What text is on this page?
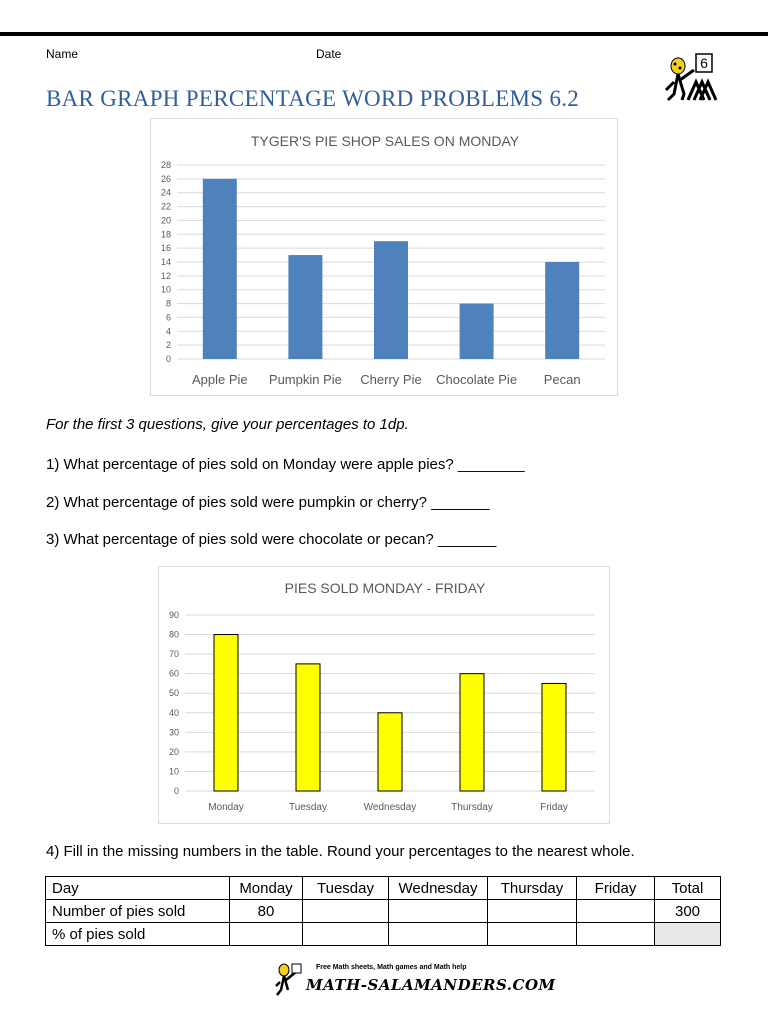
Name	Date
6
BAR GRAPH PERCENTAGE WORD PROBLEMS 6.2
TYGER'S PIE SHOP SALES ON MONDAY
0
2
4
6
8
10
12
14
16
18
20
22
24
26
28
Apple Pie Pumpkin Pie Cherry Pie Chocolate Pie Pecan
For the first 3 questions, give your percentages to 1dp.
1) What percentage of pies sold on Monday were apple pies? ________
2) What percentage of pies sold were pumpkin or cherry? _______
3) What percentage of pies sold were chocolate or pecan? _______
PIES SOLD MONDAY - FRIDAY
0
10
20
30
40
50
60
70
80
90
Monday	Tuesday	Wednesday	Thursday	Friday
4) Fill in the missing numbers in the table. Round your percentages to the nearest whole.
Day	Monday	Tuesday	Wednesday	Thursday	Friday	Total
Number of pies sold	80					300
% of pies sold						
Free Math sheets, Math games and Math help
MATH-SALAMANDERS.COM
